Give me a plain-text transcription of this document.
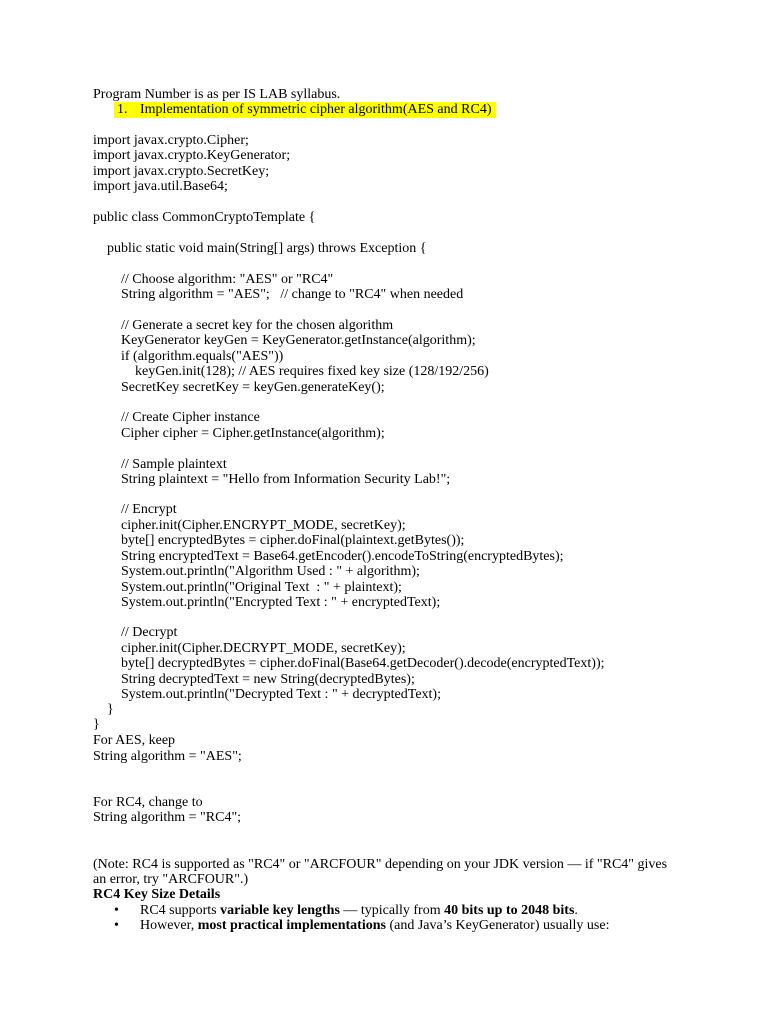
Program Number is as per IS LAB syllabus.
1. Implementation of symmetric cipher algorithm(AES and RC4)
import javax.crypto.Cipher;
import javax.crypto.KeyGenerator;
import javax.crypto.SecretKey;
import java.util.Base64;
public class CommonCryptoTemplate {
public static void main(String[] args) throws Exception {
// Choose algorithm: "AES" or "RC4"
String algorithm = "AES";   // change to "RC4" when needed
// Generate a secret key for the chosen algorithm
KeyGenerator keyGen = KeyGenerator.getInstance(algorithm);
if (algorithm.equals("AES"))
keyGen.init(128); // AES requires fixed key size (128/192/256)
SecretKey secretKey = keyGen.generateKey();
// Create Cipher instance
Cipher cipher = Cipher.getInstance(algorithm);
// Sample plaintext
String plaintext = "Hello from Information Security Lab!";
// Encrypt
cipher.init(Cipher.ENCRYPT_MODE, secretKey);
byte[] encryptedBytes = cipher.doFinal(plaintext.getBytes());
String encryptedText = Base64.getEncoder().encodeToString(encryptedBytes);
System.out.println("Algorithm Used : " + algorithm);
System.out.println("Original Text  : " + plaintext);
System.out.println("Encrypted Text : " + encryptedText);
// Decrypt
cipher.init(Cipher.DECRYPT_MODE, secretKey);
byte[] decryptedBytes = cipher.doFinal(Base64.getDecoder().decode(encryptedText));
String decryptedText = new String(decryptedBytes);
System.out.println("Decrypted Text : " + decryptedText);
}
}
For AES, keep
String algorithm = "AES";
For RC4, change to
String algorithm = "RC4";
(Note: RC4 is supported as "RC4" or "ARCFOUR" depending on your JDK version — if "RC4" gives
an error, try "ARCFOUR".)
RC4 Key Size Details
• RC4 supports variable key lengths — typically from 40 bits up to 2048 bits.
• However, most practical implementations (and Java’s KeyGenerator) usually use:
